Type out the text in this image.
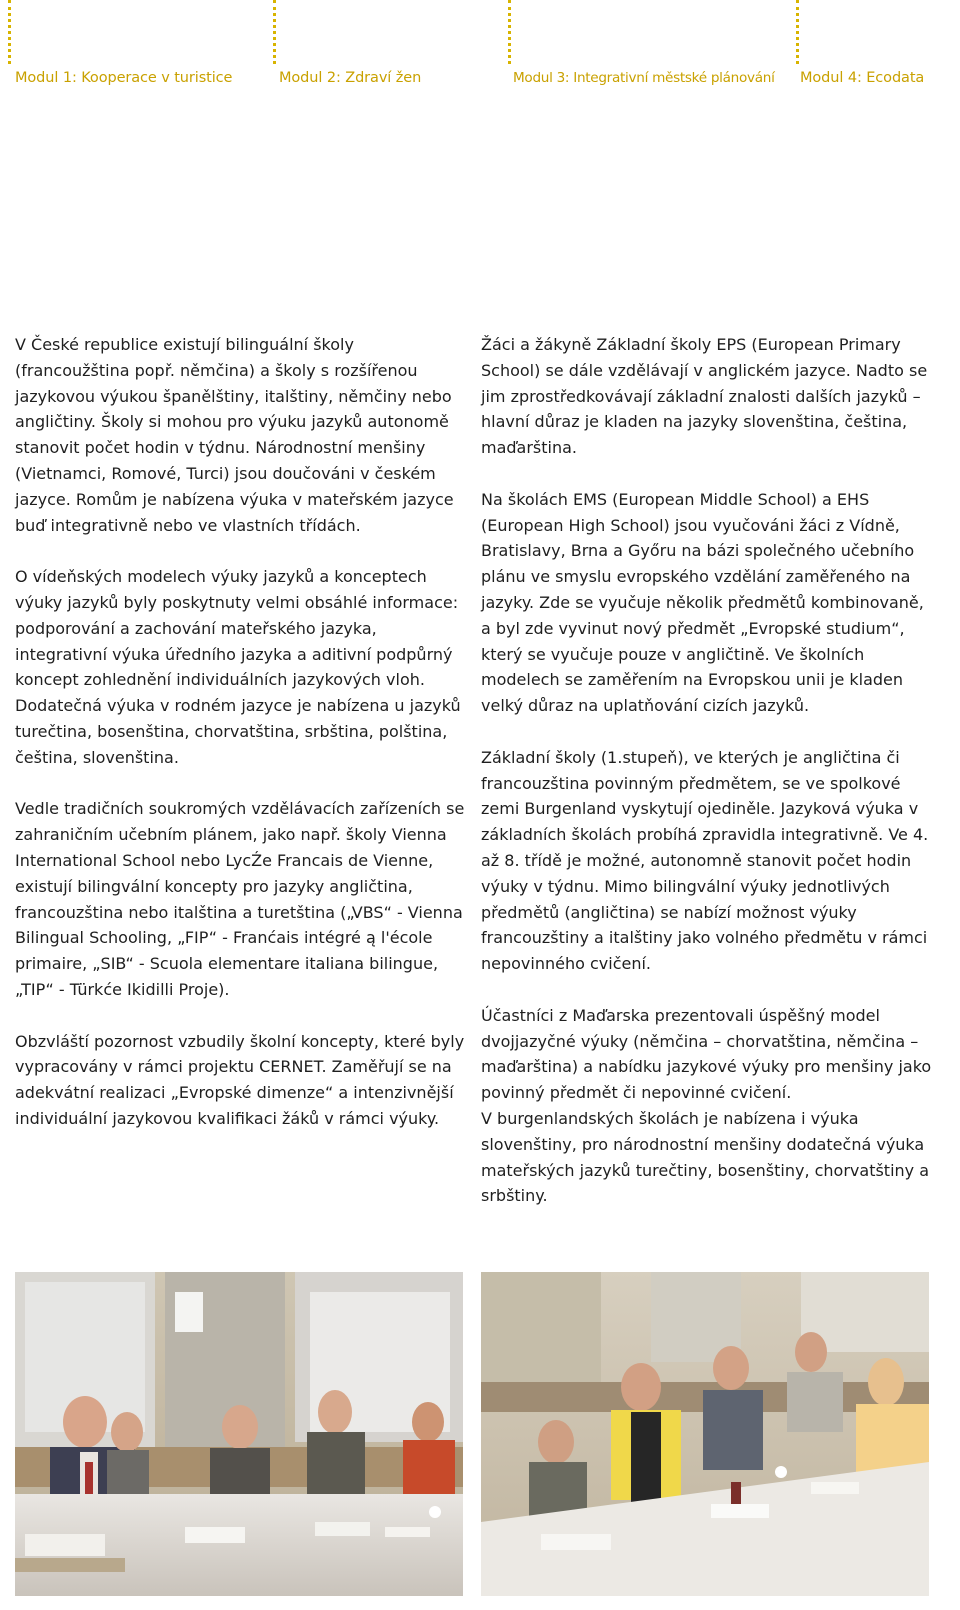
Modul 1: Kooperace v turistice	Modul 2: Zdraví žen	Modul 3: Integrativní městské plánování Modul 4: Ecodata

V České republice existují bilinguální školy (francoužština popř. němčina) a školy s rozšířenou jazykovou výukou španělštiny, italštiny, němčiny nebo angličtiny. Školy si mohou pro výuku jazyků autonomě stanovit počet hodin v týdnu. Národnostní menšiny (Vietnamci, Romové, Turci) jsou doučováni v českém jazyce. Romům je nabízena výuka v mateřském jazyce buď integrativně nebo ve vlastních třídách.

O vídeňských modelech výuky jazyků a konceptech výuky jazyků byly poskytnuty velmi obsáhlé informace: podporování a zachování mateřského jazyka, integrativní výuka úředního jazyka a aditivní podpůrný koncept zohlednění individuálních jazykových vloh. Dodatečná výuka v rodném jazyce je nabízena u jazyků turečtina, bosenština, chorvatština, srbština, polština, čeština, slovenština.

Vedle tradičních soukromých vzdělávacích zařízeních se zahraničním učebním plánem, jako např. školy Vienna International School nebo LycŹe Francais de Vienne, existují bilingvální koncepty pro jazyky angličtina, francouzština nebo italština a turetština („VBS“ - Vienna Bilingual Schooling, „FIP“ - Franćais intégré ą l'école primaire, „SIB“ - Scuola elementare italiana bilingue, „TIP“ - Türkće Ikidilli Proje).

Obzvláští pozornost vzbudily školní koncepty, které byly vypracovány v rámci projektu CERNET. Zaměřují se na adekvátní realizaci „Evropské dimenze“ a intenzivnější individuální jazykovou kvalifikaci žáků v rámci výuky.

Žáci a žákyně Základní školy EPS (European Primary School) se dále vzdělávají v anglickém jazyce. Nadto se jim zprostředkovávají základní znalosti dalších jazyků – hlavní důraz je kladen na jazyky slovenština, čeština, maďarština.

Na školách EMS (European Middle School) a EHS (European High School) jsou vyučováni žáci z Vídně, Bratislavy, Brna a Győru na bázi společného učebního plánu ve smyslu evropského vzdělání zaměřeného na jazyky. Zde se vyučuje několik předmětů kombinovaně, a byl zde vyvinut nový předmět „Evropské studium“, který se vyučuje pouze v angličtině. Ve školních modelech se zaměřením na Evropskou unii je kladen velký důraz na uplatňování cizích jazyků.

Základní školy (1.stupeň), ve kterých je angličtina či francouzština povinným předmětem, se ve spolkové zemi Burgenland vyskytují ojediněle. Jazyková výuka v základních školách probíhá zpravidla integrativně. Ve 4. až 8. třídě je možné, autonomně stanovit počet hodin výuky v týdnu. Mimo bilingvální výuky jednotlivých předmětů (angličtina) se nabízí možnost výuky francouzštiny a italštiny jako volného předmětu v rámci nepovinného cvičení.

Účastníci z Maďarska prezentovali úspěšný model dvojjazyčné výuky (němčina – chorvatština, němčina – maďarština) a nabídku jazykové výuky pro menšiny jako povinný předmět či nepovinné cvičení.

V burgenlandských školách je nabízena i výuka slovenštiny, pro národnostní menšiny dodatečná výuka mateřských jazyků turečtiny, bosenštiny, chorvatštiny a srbštiny.
